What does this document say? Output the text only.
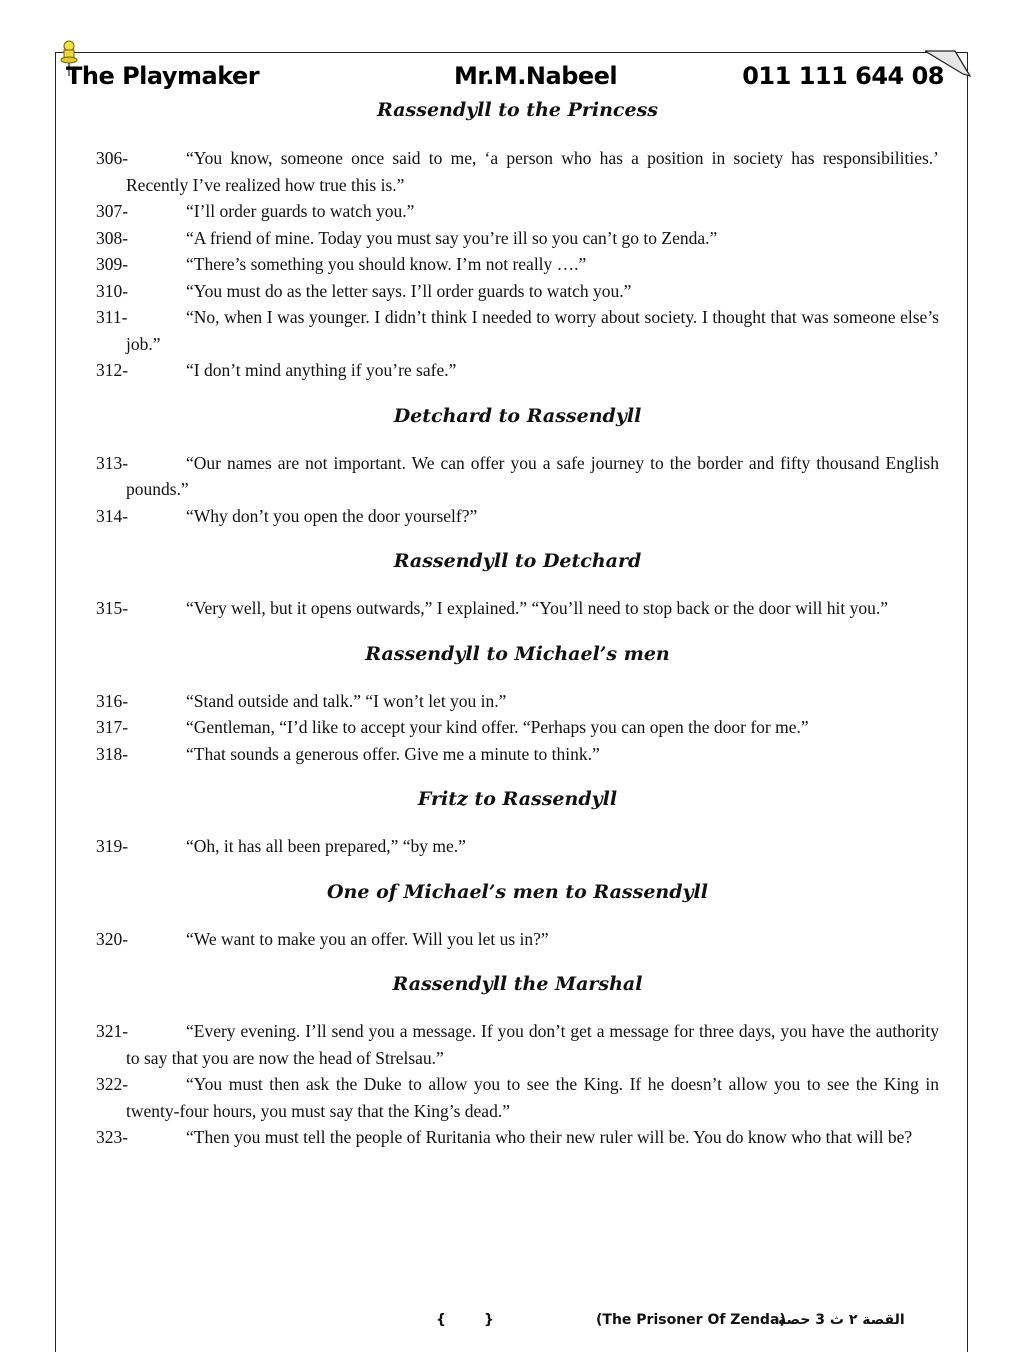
The Playmaker	Mr.M.Nabeel	011 111 644 08

Rassendyll to the Princess

306-	“You know, someone once said to me, ‘a person who has a position in society has responsibilities.’ Recently I’ve realized how true this is.”

307-	“I’ll order guards to watch you.”

308-	“A friend of mine. Today you must say you’re ill so you can’t go to Zenda.”

309-	“There’s something you should know. I’m not really ….”

310-	“You must do as the letter says. I’ll order guards to watch you.”

311-	“No, when I was younger. I didn’t think I needed to worry about society. I thought that was someone else’s job.”

312-	“I don’t mind anything if you’re safe.”

Detchard to Rassendyll

313-	“Our names are not important. We can offer you a safe journey to the border and fifty thousand English pounds.”

314-	“Why don’t you open the door yourself?”

Rassendyll to Detchard

315-	“Very well, but it opens outwards,” I explained.” “You’ll need to stop back or the door will hit you.”

Rassendyll to Michael’s men

316-	“Stand outside and talk.” “I won’t let you in.”

317-	“Gentleman, “I’d like to accept your kind offer. “Perhaps you can open the door for me.”

318-	“That sounds a generous offer. Give me a minute to think.”

Fritz to Rassendyll

319-	“Oh, it has all been prepared,” “by me.”

One of Michael’s men to Rassendyll

320-	“We want to make you an offer. Will you let us in?”

Rassendyll the Marshal

321-	“Every evening. I’ll send you a message. If you don’t get a message for three days, you have the authority to say that you are now the head of Strelsau.”

322-	“You must then ask the Duke to allow you to see the King. If he doesn’t allow you to see the King in twenty-four hours, you must say that the King’s dead.”

323-	“Then you must tell the people of Ruritania who their new ruler will be. You do know who that will be?

{	}	(The Prisoner Of Zenda)
القصة ٢ ث 3 حصة
